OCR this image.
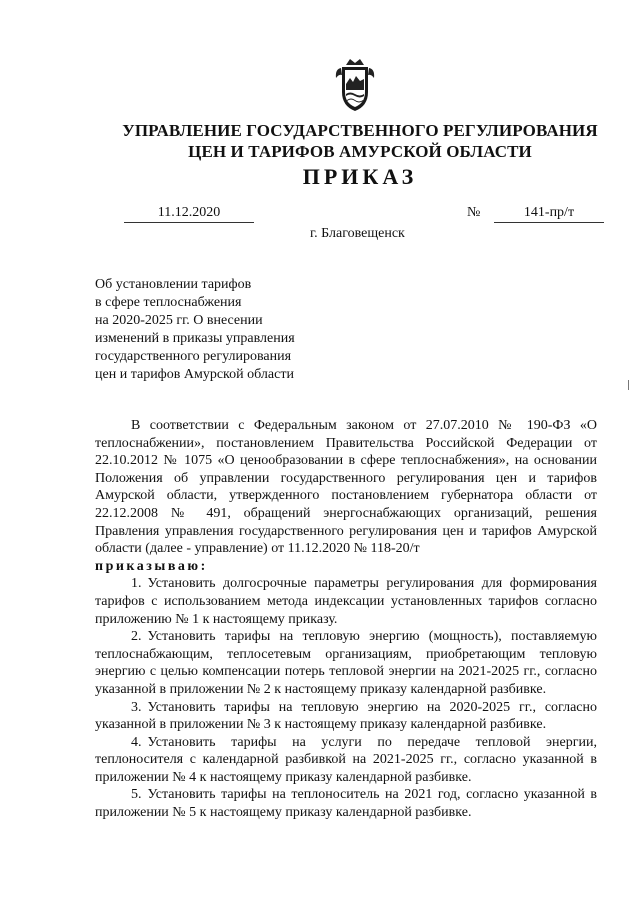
УПРАВЛЕНИЕ ГОСУДАРСТВЕННОГО РЕГУЛИРОВАНИЯ
ЦЕН И ТАРИФОВ АМУРСКОЙ ОБЛАСТИ
ПРИКАЗ
11.12.2020	№	141-пр/т
г. Благовещенск
Об установлении тарифов
в сфере теплоснабжения
на 2020-2025 гг. О внесении
изменений в приказы управления
государственного регулирования
цен и тарифов Амурской области

В соответствии с Федеральным законом от 27.07.2010 № 190-ФЗ «О теплоснабжении», постановлением Правительства Российской Федерации от 22.10.2012 № 1075 «О ценообразовании в сфере теплоснабжения», на основании Положения об управлении государственного регулирования цен и тарифов Амурской области, утвержденного постановлением губернатора области от 22.12.2008 № 491, обращений энергоснабжающих организаций, решения Правления управления государственного регулирования цен и тарифов Амурской области (далее - управление) от 11.12.2020 № 118-20/т

приказываю:

1. Установить долгосрочные параметры регулирования для формирования тарифов с использованием метода индексации установленных тарифов согласно приложению № 1 к настоящему приказу.

2. Установить тарифы на тепловую энергию (мощность), поставляемую теплоснабжающим, теплосетевым организациям, приобретающим тепловую энергию с целью компенсации потерь тепловой энергии на 2021-2025 гг., согласно указанной в приложении № 2 к настоящему приказу календарной разбивке.

3. Установить тарифы на тепловую энергию на 2020-2025 гг., согласно указанной в приложении № 3 к настоящему приказу календарной разбивке.

4. Установить тарифы на услуги по передаче тепловой энергии, теплоносителя с календарной разбивкой на 2021-2025 гг., согласно указанной в приложении № 4 к настоящему приказу календарной разбивке.

5. Установить тарифы на теплоноситель на 2021 год, согласно указанной в приложении № 5 к настоящему приказу календарной разбивке.
